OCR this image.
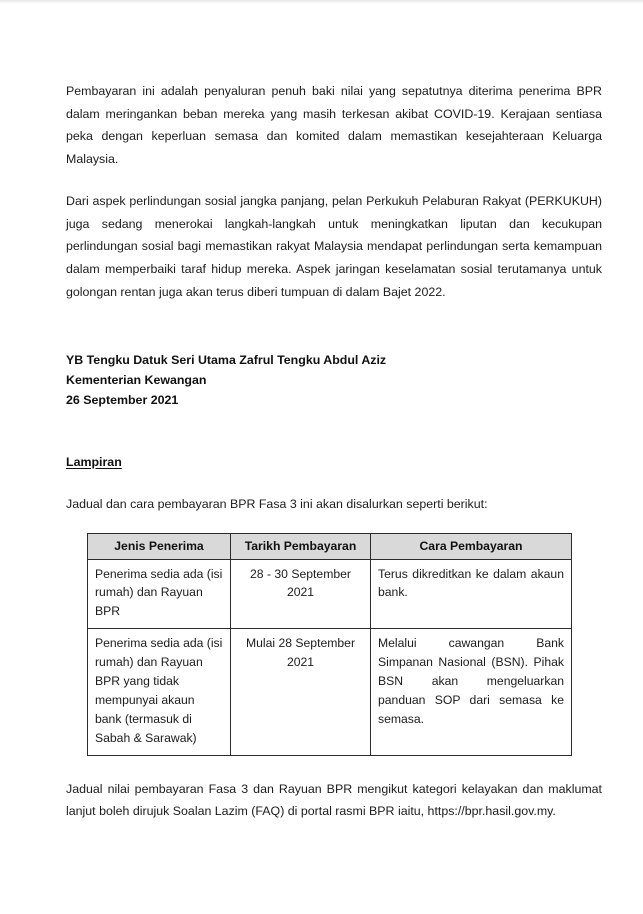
Pembayaran ini adalah penyaluran penuh baki nilai yang sepatutnya diterima penerima BPR dalam meringankan beban mereka yang masih terkesan akibat COVID-19. Kerajaan sentiasa peka dengan keperluan semasa dan komited dalam memastikan kesejahteraan Keluarga Malaysia.

Dari aspek perlindungan sosial jangka panjang, pelan Perkukuh Pelaburan Rakyat (PERKUKUH) juga sedang menerokai langkah-langkah untuk meningkatkan liputan dan kecukupan perlindungan sosial bagi memastikan rakyat Malaysia mendapat perlindungan serta kemampuan dalam memperbaiki taraf hidup mereka. Aspek jaringan keselamatan sosial terutamanya untuk golongan rentan juga akan terus diberi tumpuan di dalam Bajet 2022.

YB Tengku Datuk Seri Utama Zafrul Tengku Abdul Aziz
Kementerian Kewangan
26 September 2021
Lampiran
Jadual dan cara pembayaran BPR Fasa 3 ini akan disalurkan seperti berikut:
Jenis Penerima	Tarikh Pembayaran	Cara Pembayaran
Penerima sedia ada (isi rumah) dan Rayuan BPR	28 - 30 September 2021	Terus dikreditkan ke dalam akaun bank.
Penerima sedia ada (isi rumah) dan Rayuan BPR yang tidak mempunyai akaun bank (termasuk di Sabah & Sarawak)	Mulai 28 September 2021	Melalui cawangan Bank Simpanan Nasional (BSN). Pihak BSN akan mengeluarkan panduan SOP dari semasa ke semasa.

Jadual nilai pembayaran Fasa 3 dan Rayuan BPR mengikut kategori kelayakan dan maklumat lanjut boleh dirujuk Soalan Lazim (FAQ) di portal rasmi BPR iaitu, https://bpr.hasil.gov.my.
